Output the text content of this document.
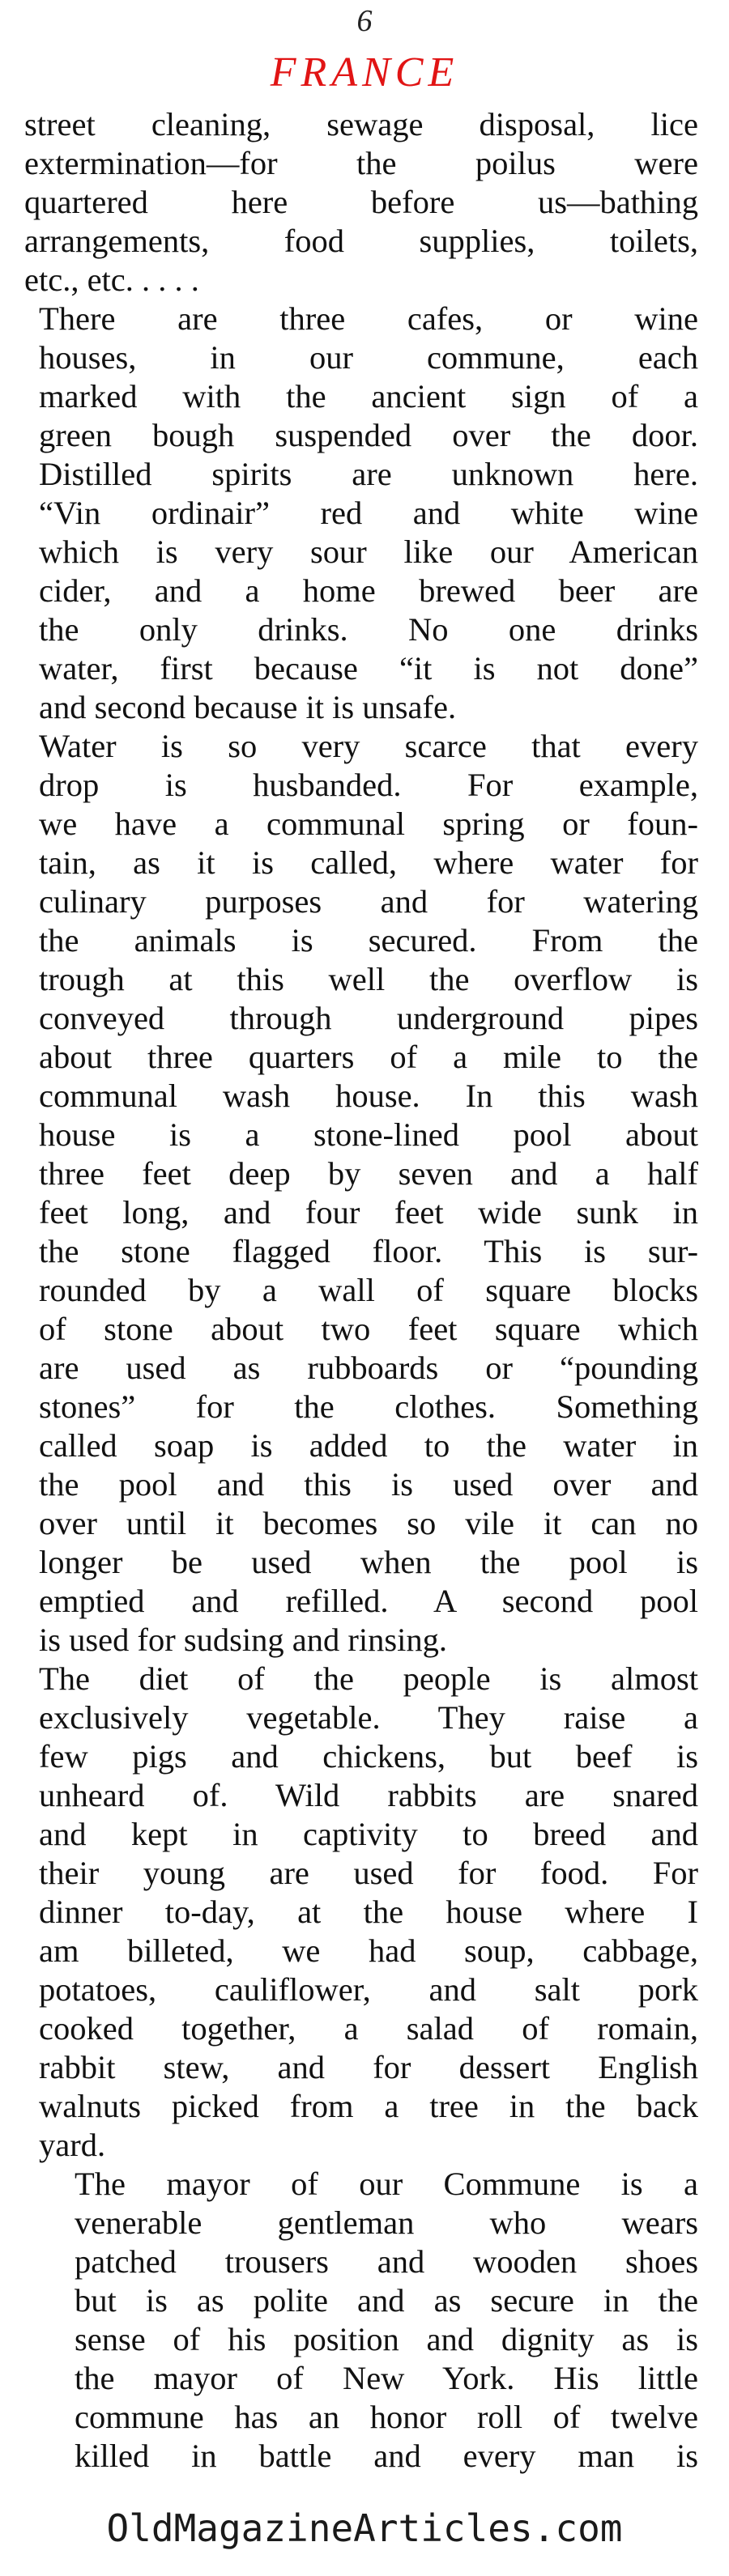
6
FRANCE
street cleaning, sewage disposal, lice
extermination—for the poilus were
quartered here before us—bathing
arrangements, food supplies, toilets,
etc., etc. . . . .
There are three cafes, or wine
houses, in our commune, each
marked with the ancient sign of a
green bough suspended over the door.
Distilled spirits are unknown here.
“Vin ordinair” red and white wine
which is very sour like our American
cider, and a home brewed beer are
the only drinks. No one drinks
water, first because “it is not done”
and second because it is unsafe.
Water is so very scarce that every
drop is husbanded. For example,
we have a communal spring or foun-
tain, as it is called, where water for
culinary purposes and for watering
the animals is secured. From the
trough at this well the overflow is
conveyed through underground pipes
about three quarters of a mile to the
communal wash house. In this wash
house is a stone-lined pool about
three feet deep by seven and a half
feet long, and four feet wide sunk in
the stone flagged floor. This is sur-
rounded by a wall of square blocks
of stone about two feet square which
are used as rubboards or “pounding
stones” for the clothes. Something
called soap is added to the water in
the pool and this is used over and
over until it becomes so vile it can no
longer be used when the pool is
emptied and refilled. A second pool
is used for sudsing and rinsing.
The diet of the people is almost
exclusively vegetable. They raise a
few pigs and chickens, but beef is
unheard of. Wild rabbits are snared
and kept in captivity to breed and
their young are used for food. For
dinner to-day, at the house where I
am billeted, we had soup, cabbage,
potatoes, cauliflower, and salt pork
cooked together, a salad of romain,
rabbit stew, and for dessert English
walnuts picked from a tree in the back
yard.
The mayor of our Commune is a
venerable gentleman who wears
patched trousers and wooden shoes
but is as polite and as secure in the
sense of his position and dignity as is
the mayor of New York. His little
commune has an honor roll of twelve
killed in battle and every man is
OldMagazineArticles.com
